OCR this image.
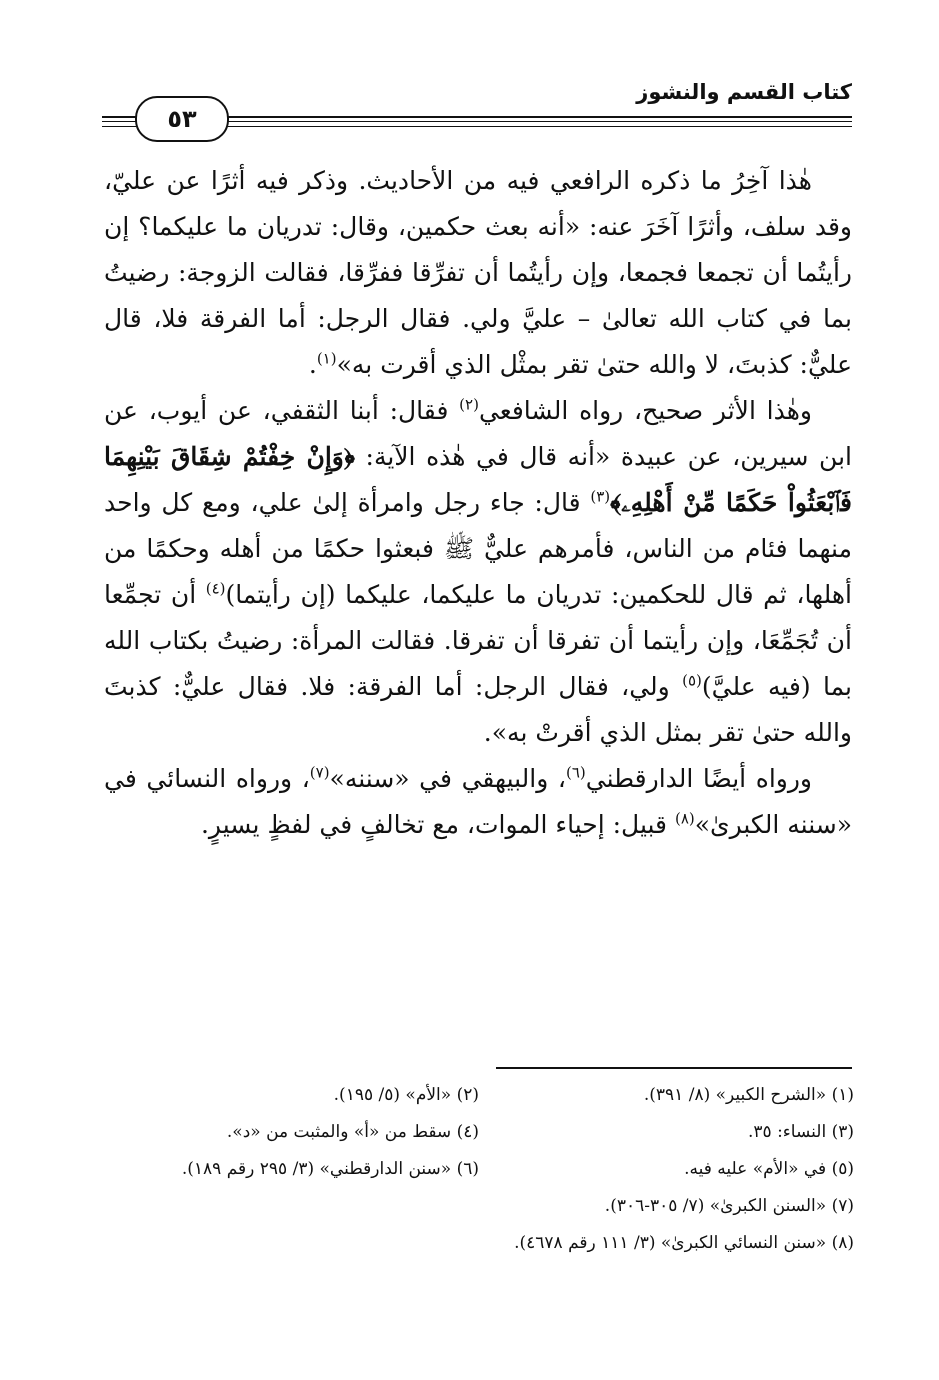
كتاب القسم والنشوز
٥٣

هٰذا آخِرُ ما ذكره الرافعي فيه من الأحاديث. وذكر فيه أثرًا عن عليّ، وقد سلف، وأثرًا آخَرَ عنه: «أنه بعث حكمين، وقال: تدريان ما عليكما؟ إن رأيتُما أن تجمعا فجمعا، وإن رأيتُما أن تفرِّقا ففرِّقا، فقالت الزوجة: رضيتُ بما في كتاب الله تعالىٰ – عليَّ ولي. فقال الرجل: أما الفرقة فلا، قال عليٌّ: كذبتَ، لا والله حتىٰ تقر بمثْل الذي أقرت به»$^{(١)}$.

وهٰذا الأثر صحيح، رواه الشافعي$^{(٢)}$ فقال: أبنا الثقفي، عن أيوب، عن ابن سيرين، عن عبيدة «أنه قال في هٰذه الآية: ﴿وَإِنْ خِفْتُمْ شِقَاقَ بَيْنِهِمَا فَٱبْعَثُواْ حَكَمًا مِّنْ أَهْلِهِۦ﴾$^{(٣)}$ قال: جاء رجل وامرأة إلىٰ علي، ومع كل واحد منهما فئام من الناس، فأمرهم عليٌّ ﷺ فبعثوا حكمًا من أهله وحكمًا من أهلها، ثم قال للحكمين: تدريان ما عليكما، عليكما (إن رأيتما)$^{(٤)}$ أن تجمِّعا أن تُجَمِّعَا، وإن رأيتما أن تفرقا أن تفرقا. فقالت المرأة: رضيتُ بكتاب الله بما (فيه عليَّ)$^{(٥)}$ ولي، فقال الرجل: أما الفرقة: فلا. فقال عليٌّ: كذبتَ والله حتىٰ تقر بمثل الذي أقرتْ به».

ورواه أيضًا الدارقطني$^{(٦)}$، والبيهقي في «سننه»$^{(٧)}$، ورواه النسائي في «سننه الكبرىٰ»$^{(٨)}$ قبيل: إحياء الموات، مع تخالفٍ في لفظٍ يسيرٍ.

(١) «الشرح الكبير» (٨/ ٣٩١).
(٢) «الأم» (٥/ ١٩٥).
(٣) النساء: ٣٥.
(٤) سقط من «أ» والمثبت من «د».
(٥) في «الأم» عليه فيه.
(٦) «سنن الدارقطني» (٣/ ٢٩٥ رقم ١٨٩).
(٧) «السنن الكبرىٰ» (٧/ ٣٠٥-٣٠٦).
(٨) «سنن النسائي الكبرىٰ» (٣/ ١١١ رقم ٤٦٧٨).
